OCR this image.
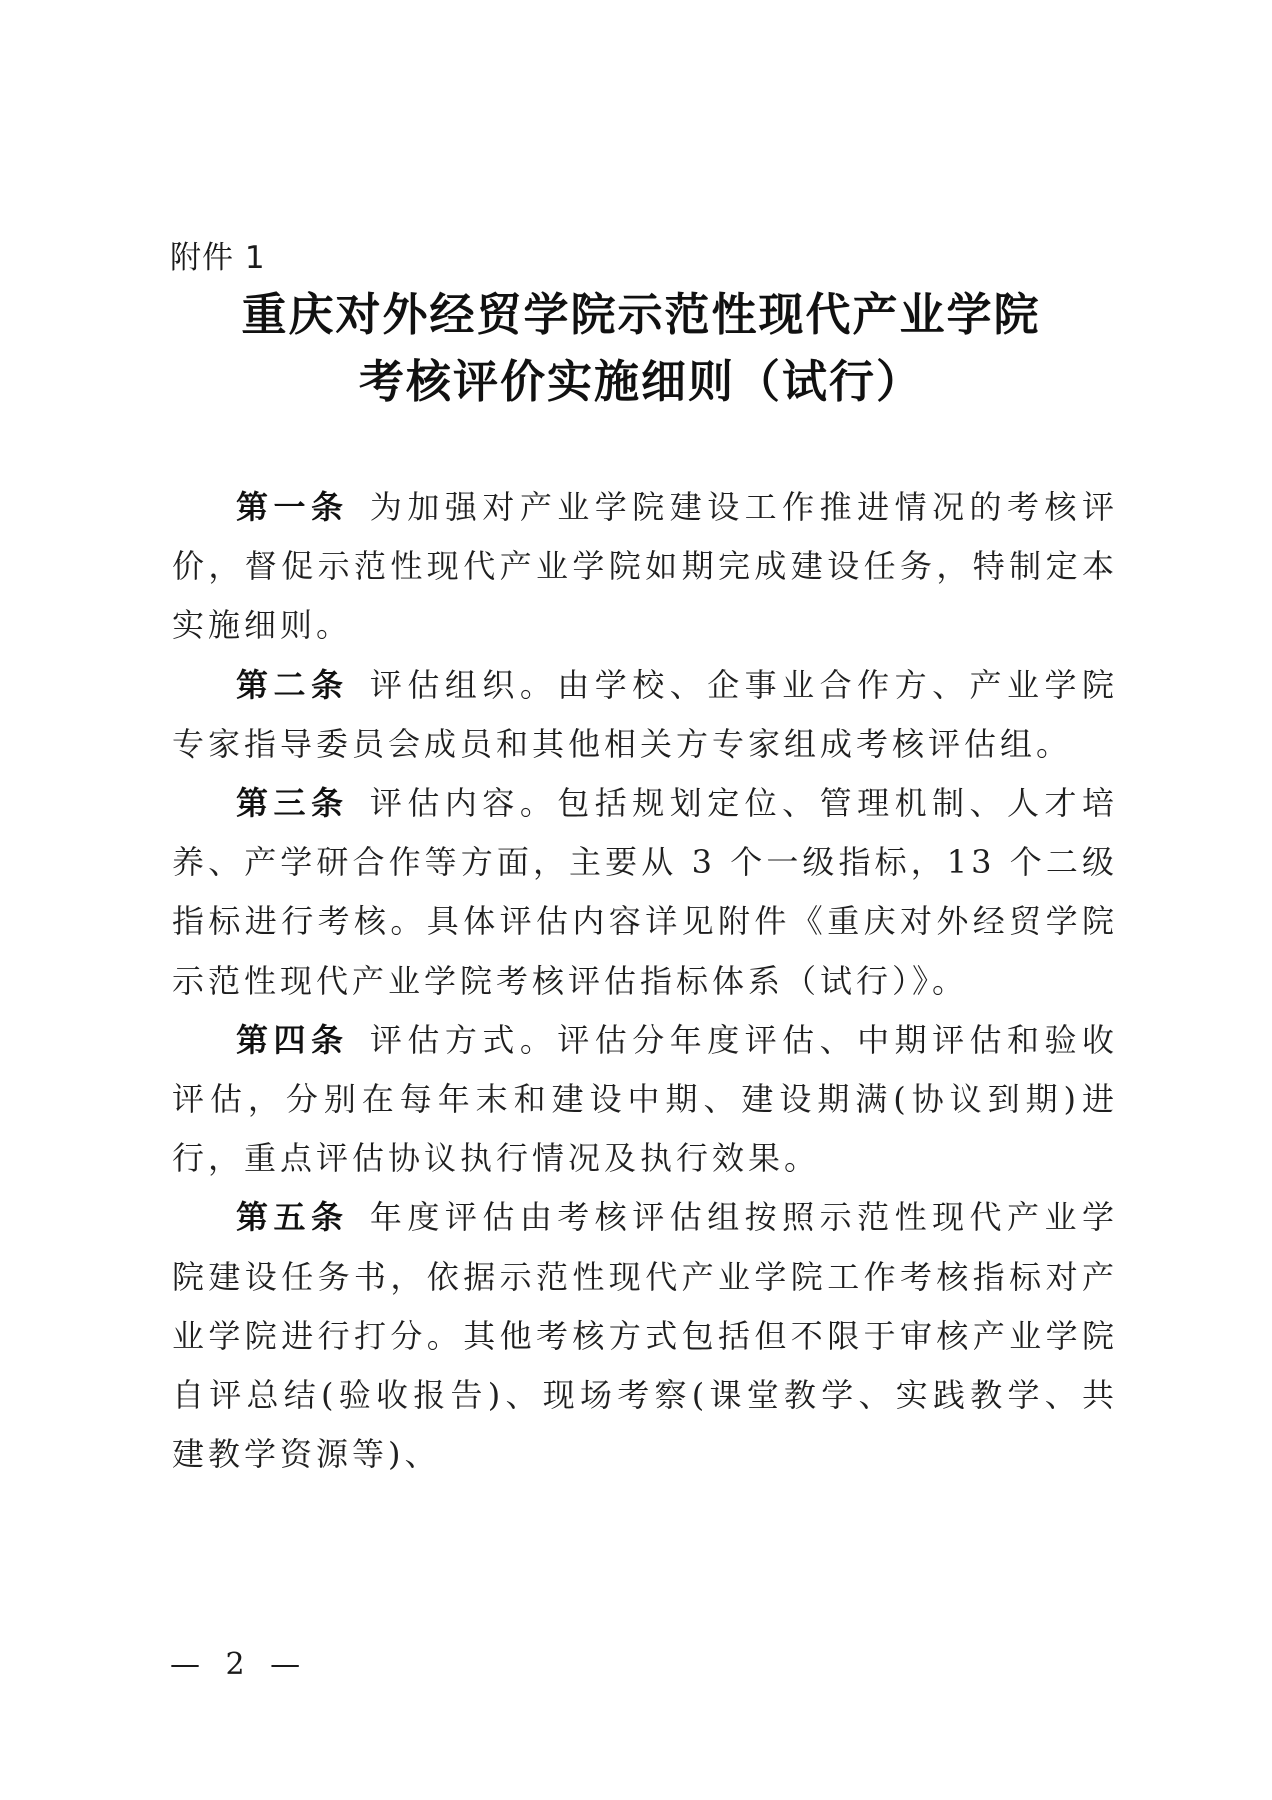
附件 1
重庆对外经贸学院示范性现代产业学院
考核评价实施细则（试行）

第一条  为加强对产业学院建设工作推进情况的考核评价，督促示范性现代产业学院如期完成建设任务，特制定本实施细则。

第二条  评估组织。由学校、企事业合作方、产业学院专家指导委员会成员和其他相关方专家组成考核评估组。

第三条  评估内容。包括规划定位、管理机制、人才培养、产学研合作等方面，主要从 3 个一级指标，13 个二级指标进行考核。具体评估内容详见附件《重庆对外经贸学院示范性现代产业学院考核评估指标体系（试行）》。

第四条  评估方式。评估分年度评估、中期评估和验收评估，分别在每年末和建设中期、建设期满(协议到期)进行，重点评估协议执行情况及执行效果。

第五条  年度评估由考核评估组按照示范性现代产业学院建设任务书，依据示范性现代产业学院工作考核指标对产业学院进行打分。其他考核方式包括但不限于审核产业学院自评总结(验收报告)、现场考察(课堂教学、实践教学、共建教学资源等)、

— 2 —
